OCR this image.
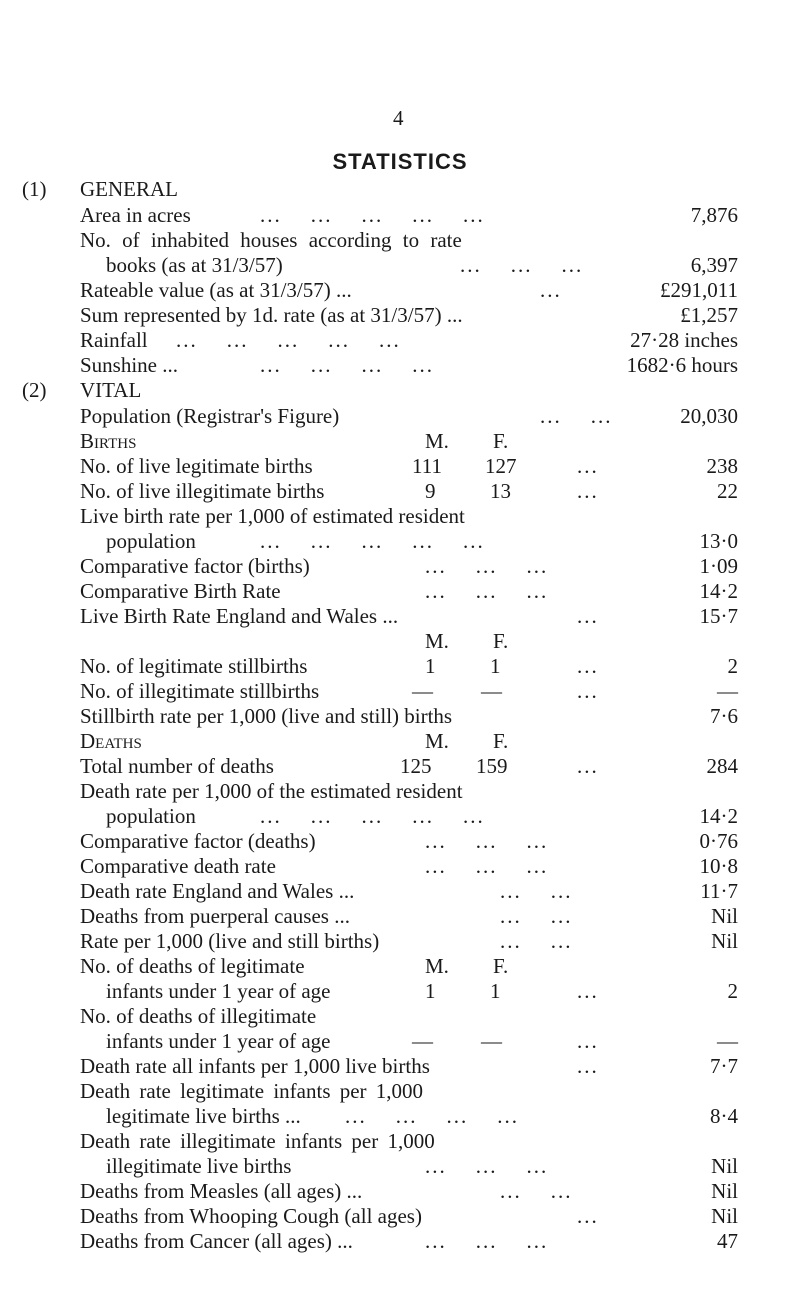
4
STATISTICS
(1) GENERAL
Area in acres	...    ...    ...    ...    ...	7,876
No. of inhabited houses according to rate
books (as at 31/3/57)	...    ...    ...	6,397
Rateable value (as at 31/3/57) ...	...	£291,011
Sum represented by 1d. rate (as at 31/3/57) ...	£1,257
Rainfall ...    ...    ...    ...    ...	27·28 inches
Sunshine ...	...    ...    ...    ...	1682·6 hours
(2) VITAL
Population (Registrar's Figure)	...    ...	20,030
Births	M. F.
No. of live legitimate births	111 127	...	238
No. of live illegitimate births	9	13	...	22
Live birth rate per 1,000 of estimated resident
population	...    ...    ...    ...    ...	13·0
Comparative factor (births)	...    ...    ...	1·09
Comparative Birth Rate	...    ...    ...	14·2
Live Birth Rate England and Wales ...	...	15·7
M. F.
No. of legitimate stillbirths	1	1	...	2
No. of illegitimate stillbirths	— —	...	—
Stillbirth rate per 1,000 (live and still) births	7·6
Deaths	M. F.
Total number of deaths	125 159	...	284
Death rate per 1,000 of the estimated resident
population	...    ...    ...    ...    ...	14·2
Comparative factor (deaths)	...    ...    ...	0·76
Comparative death rate	...    ...    ...	10·8
Death rate England and Wales ...	...    ...	11·7
Deaths from puerperal causes ...	...    ...	Nil
Rate per 1,000 (live and still births)	...    ...	Nil
No. of deaths of legitimate	M. F.
infants under 1 year of age	1	1	...	2
No. of deaths of illegitimate
infants under 1 year of age	— —	...	—
Death rate all infants per 1,000 live births	...	7·7
Death rate legitimate infants per 1,000
legitimate live births ... ...    ...    ...    ...	8·4
Death rate illegitimate infants per 1,000
illegitimate live births	...    ...    ...	Nil
Deaths from Measles (all ages) ...	...    ...	Nil
Deaths from Whooping Cough (all ages)	...	Nil
Deaths from Cancer (all ages) ...	...    ...    ...	47
